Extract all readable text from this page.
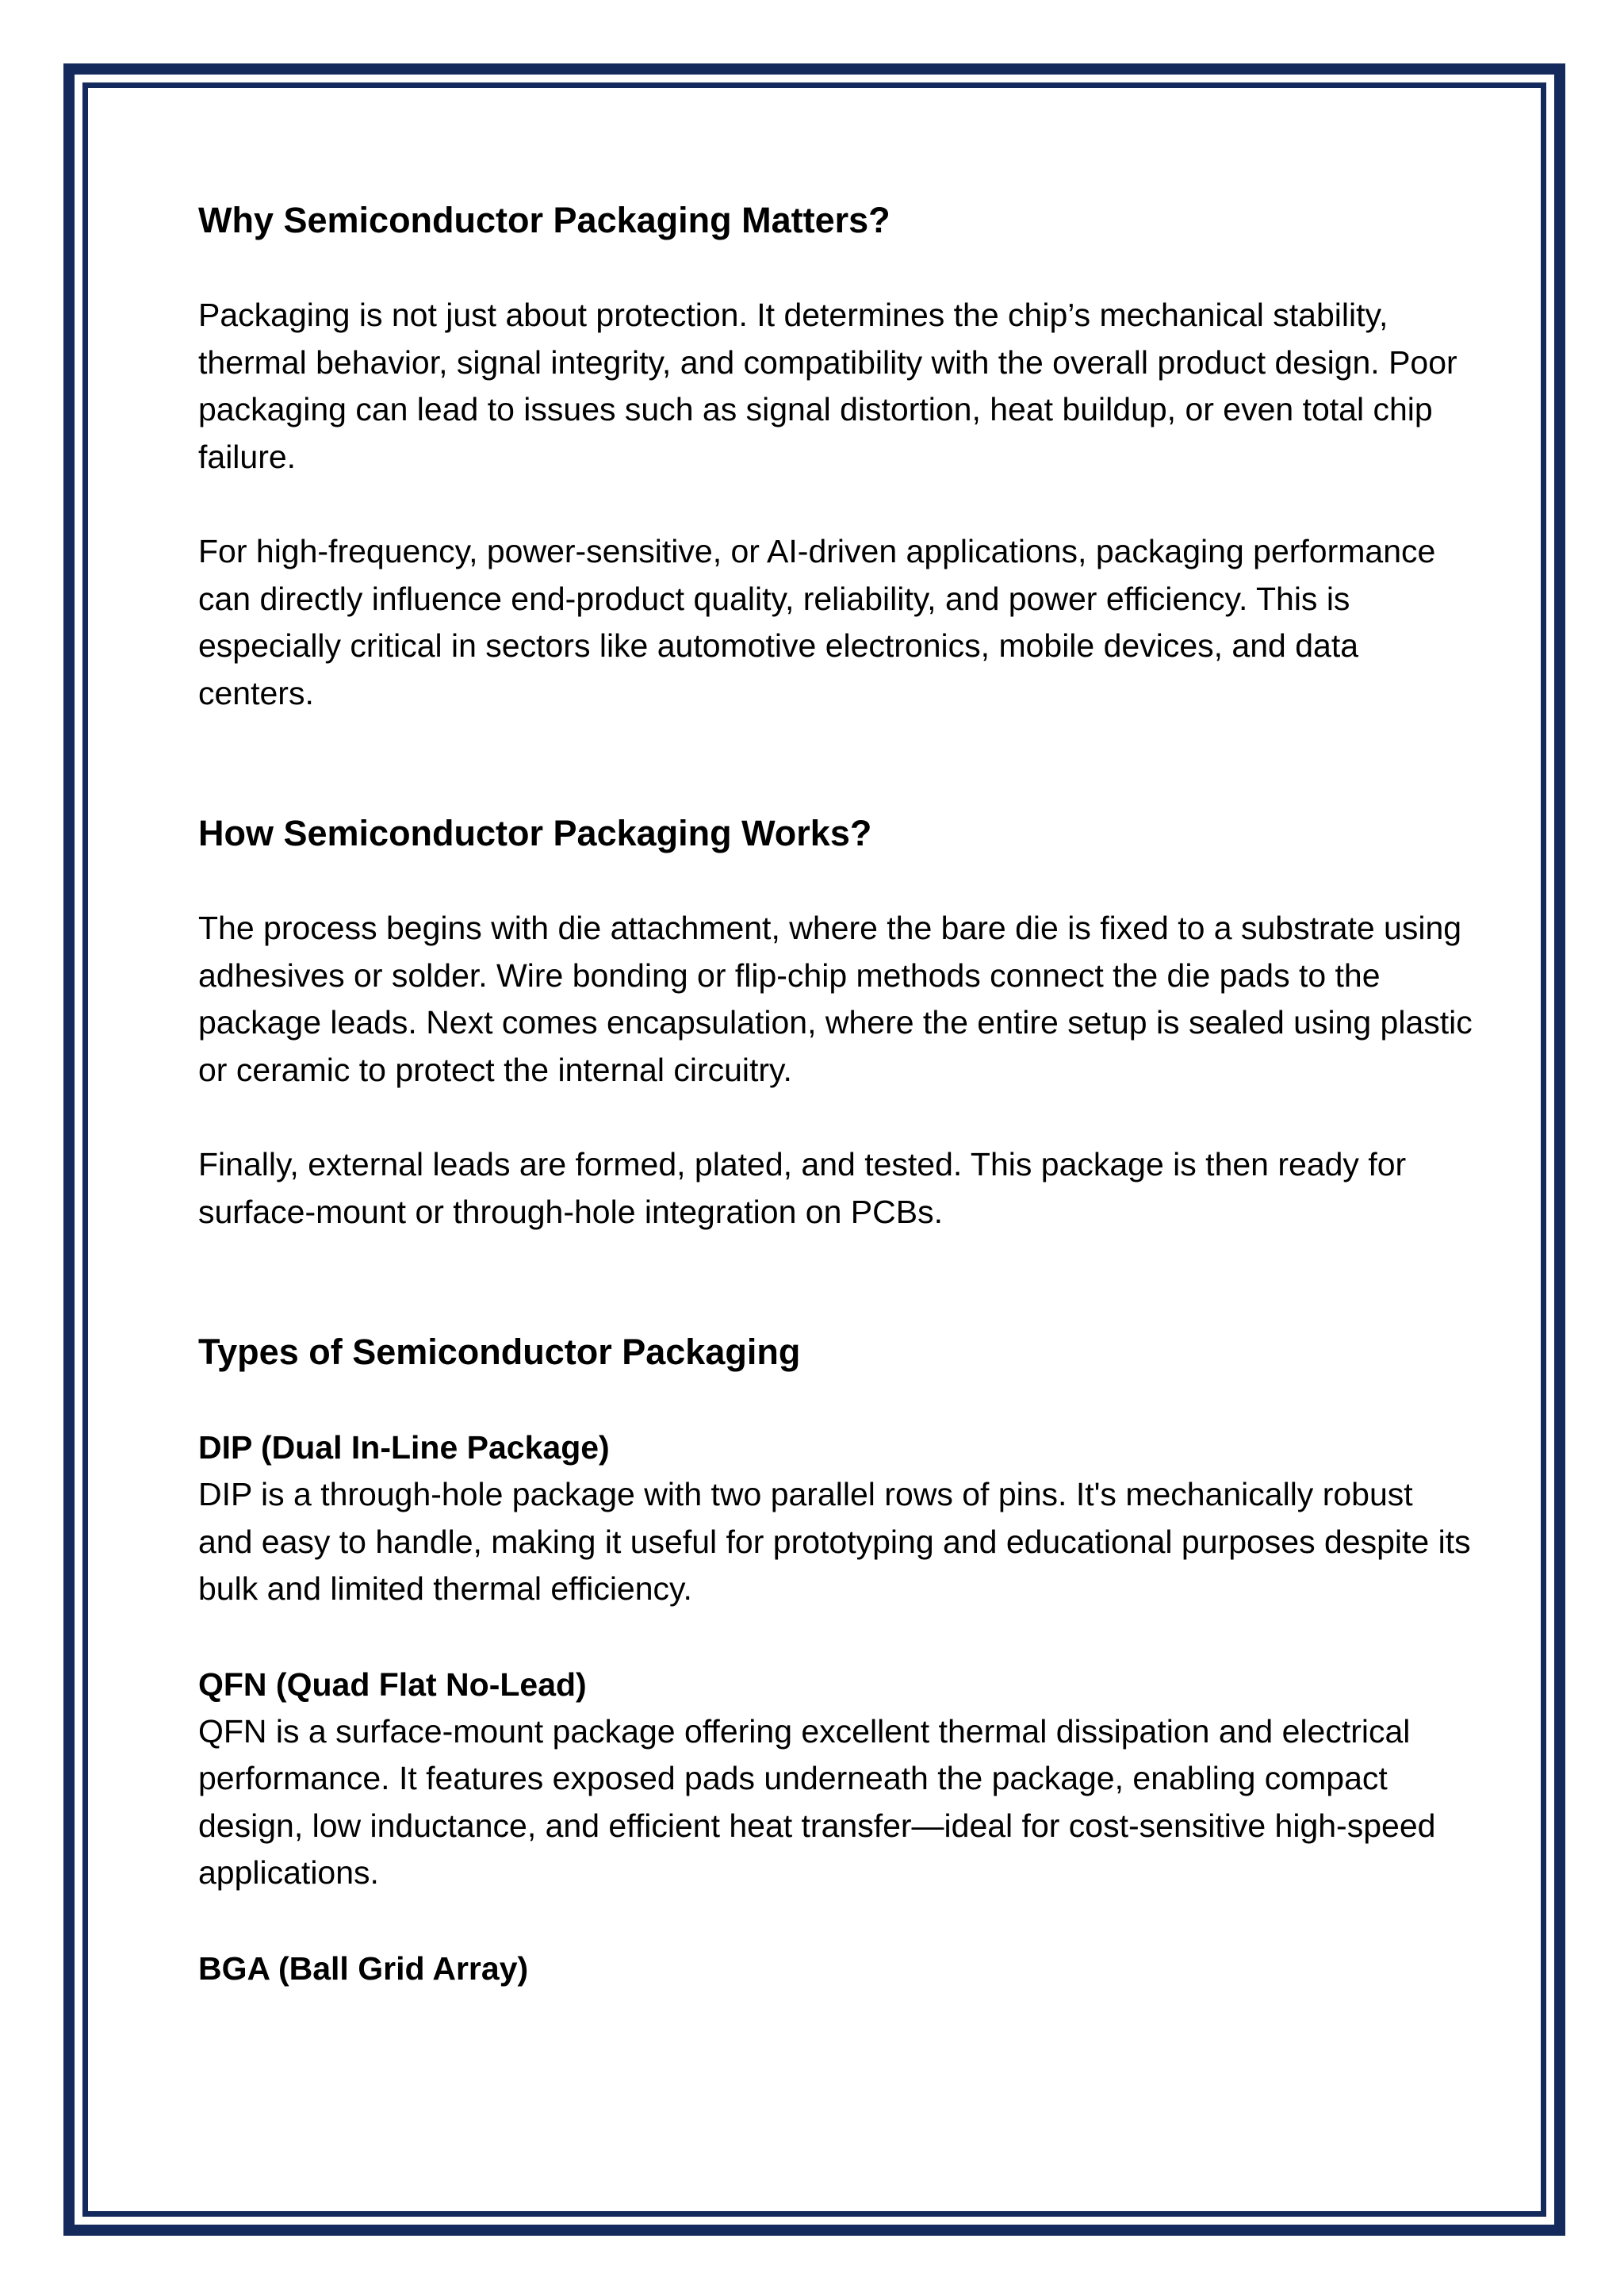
Why Semiconductor Packaging Matters?

Packaging is not just about protection. It determines the chip’s mechanical stability, thermal behavior, signal integrity, and compatibility with the overall product design. Poor packaging can lead to issues such as signal distortion, heat buildup, or even total chip failure.

For high-frequency, power-sensitive, or AI-driven applications, packaging performance can directly influence end-product quality, reliability, and power efficiency. This is especially critical in sectors like automotive electronics, mobile devices, and data centers.

How Semiconductor Packaging Works?

The process begins with die attachment, where the bare die is fixed to a substrate using adhesives or solder. Wire bonding or flip-chip methods connect the die pads to the package leads. Next comes encapsulation, where the entire setup is sealed using plastic or ceramic to protect the internal circuitry.

Finally, external leads are formed, plated, and tested. This package is then ready for surface-mount or through-hole integration on PCBs.

Types of Semiconductor Packaging
DIP (Dual In-Line Package)

DIP is a through-hole package with two parallel rows of pins. It's mechanically robust and easy to handle, making it useful for prototyping and educational purposes despite its bulk and limited thermal efficiency.

QFN (Quad Flat No-Lead)

QFN is a surface-mount package offering excellent thermal dissipation and electrical performance. It features exposed pads underneath the package, enabling compact design, low inductance, and efficient heat transfer—ideal for cost-sensitive high-speed applications.

BGA (Ball Grid Array)
